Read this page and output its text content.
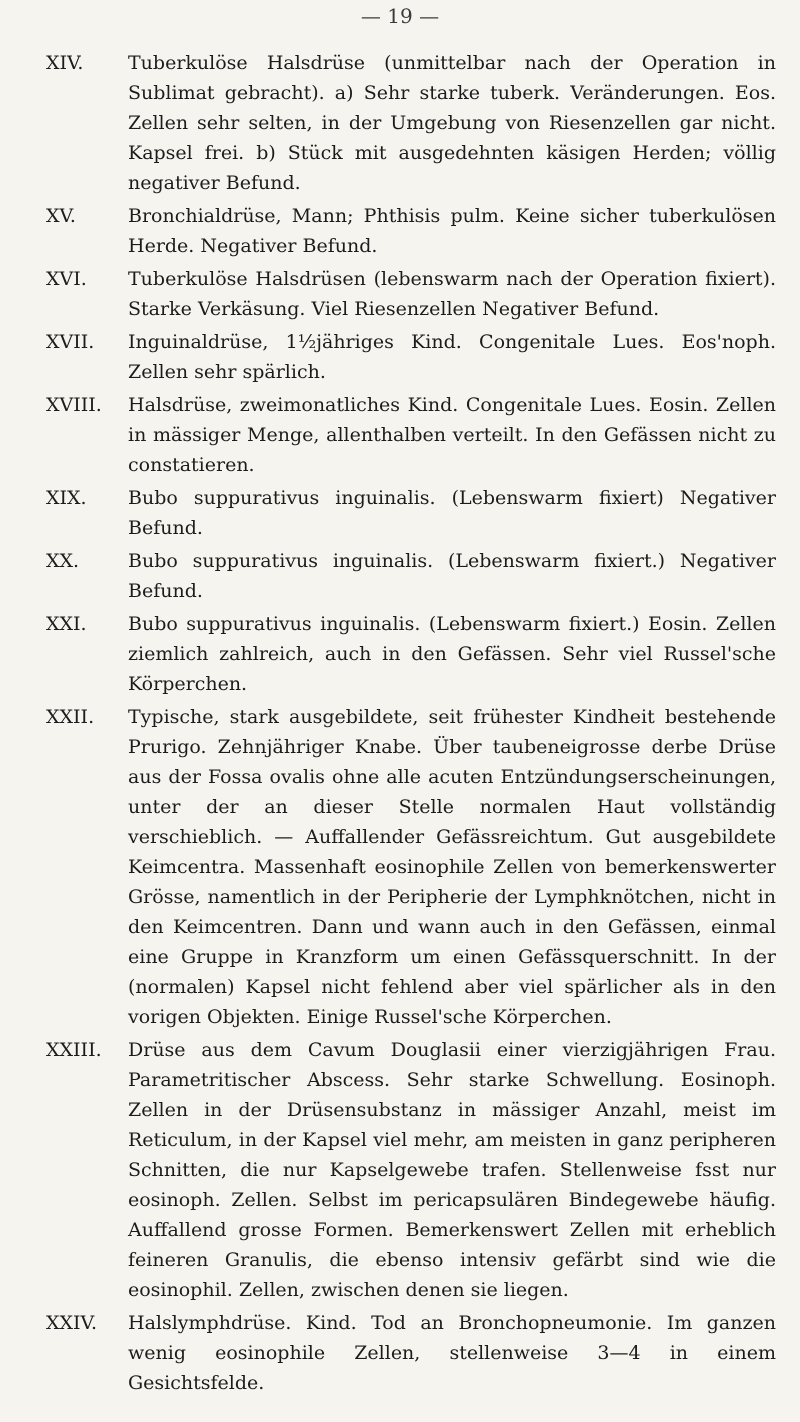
— 19 —
XIV.	Tuberkulöse Halsdrüse (unmittelbar nach der Operation in Sublimat gebracht). a) Sehr starke tuberk. Veränderungen. Eos. Zellen sehr selten, in der Umgebung von Riesenzellen gar nicht. Kapsel frei. b) Stück mit ausgedehnten käsigen Herden; völlig negativer Befund.
XV.	Bronchialdrüse, Mann; Phthisis pulm. Keine sicher tuberkulösen Herde. Negativer Befund.
XVI.	Tuberkulöse Halsdrüsen (lebenswarm nach der Operation fixiert). Starke Verkäsung. Viel Riesenzellen Negativer Befund.
XVII.	Inguinaldrüse, 1½jähriges Kind. Congenitale Lues. Eos'noph. Zellen sehr spärlich.
XVIII.	Halsdrüse, zweimonatliches Kind. Congenitale Lues. Eosin. Zellen in mässiger Menge, allenthalben verteilt. In den Gefässen nicht zu constatieren.
XIX.	Bubo suppurativus inguinalis. (Lebenswarm fixiert) Negativer Befund.
XX.	Bubo suppurativus inguinalis. (Lebenswarm fixiert.) Negativer Befund.
XXI.	Bubo suppurativus inguinalis. (Lebenswarm fixiert.) Eosin. Zellen ziemlich zahlreich, auch in den Gefässen. Sehr viel Russel'sche Körperchen.
XXII.	Typische, stark ausgebildete, seit frühester Kindheit bestehende Prurigo. Zehnjähriger Knabe. Über taubeneigrosse derbe Drüse aus der Fossa ovalis ohne alle acuten Entzündungserscheinungen, unter der an dieser Stelle normalen Haut vollständig verschieblich. — Auffallender Gefässreichtum. Gut ausgebildete Keimcentra. Massenhaft eosinophile Zellen von bemerkenswerter Grösse, namentlich in der Peripherie der Lymphknötchen, nicht in den Keimcentren. Dann und wann auch in den Gefässen, einmal eine Gruppe in Kranzform um einen Gefässquerschnitt. In der (normalen) Kapsel nicht fehlend aber viel spärlicher als in den vorigen Objekten. Einige Russel'sche Körperchen.
XXIII.	Drüse aus dem Cavum Douglasii einer vierzigjährigen Frau. Parametritischer Abscess. Sehr starke Schwellung. Eosinoph. Zellen in der Drüsensubstanz in mässiger Anzahl, meist im Reticulum, in der Kapsel viel mehr, am meisten in ganz peripheren Schnitten, die nur Kapselgewebe trafen. Stellenweise fsst nur eosinoph. Zellen. Selbst im pericapsulären Bindegewebe häufig. Auffallend grosse Formen. Bemerkenswert Zellen mit erheblich feineren Granulis, die ebenso intensiv gefärbt sind wie die eosinophil. Zellen, zwischen denen sie liegen.
XXIV.	Halslymphdrüse. Kind. Tod an Bronchopneumonie. Im ganzen wenig eosinophile Zellen, stellenweise 3—4 in einem Gesichtsfelde.
